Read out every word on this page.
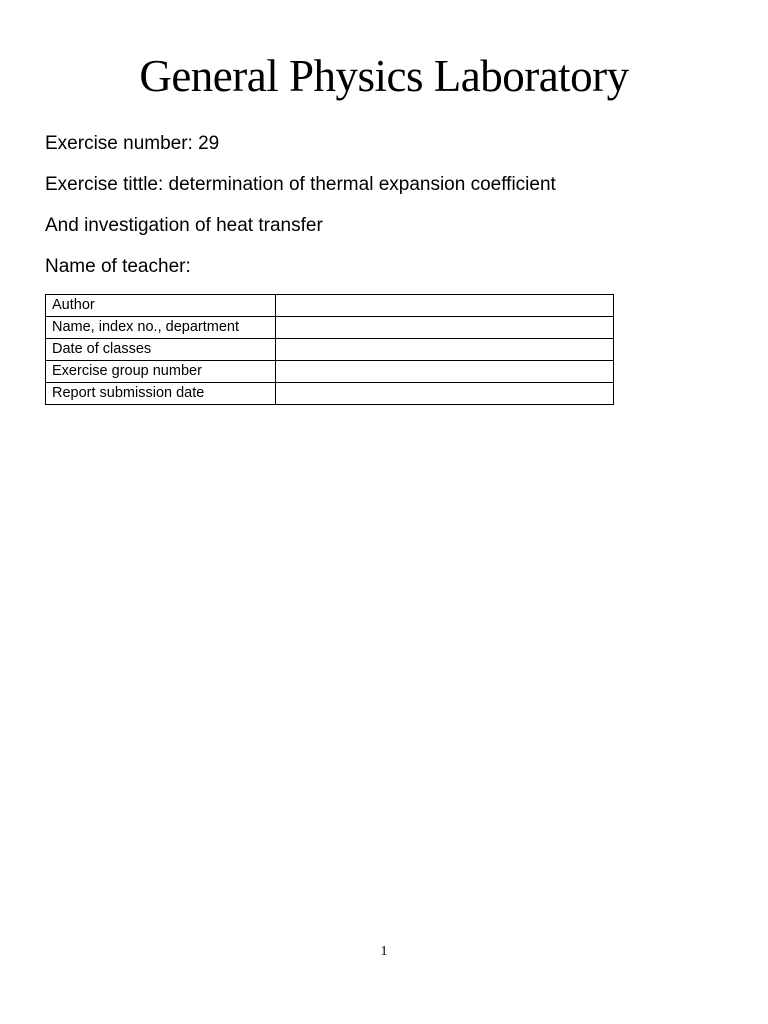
General Physics Laboratory
Exercise number: 29
Exercise tittle: determination of thermal expansion coefficient
And investigation of heat transfer
Name of teacher:
Author	
Name, index no., department	
Date of classes	
Exercise group number	
Report submission date	
1
